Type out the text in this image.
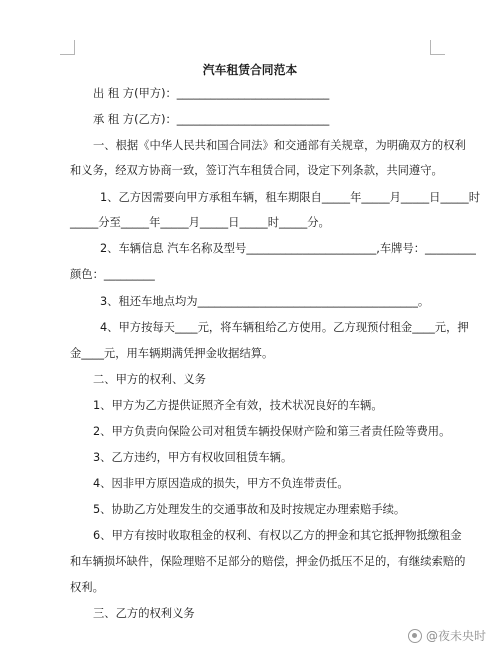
汽车租赁合同范本
出 租 方(甲方)：___________________________
承 租 方(乙方)：___________________________
一、根据《中华人民共和国合同法》和交通部有关规章，为明确双方的权利
和义务，经双方协商一致，签订汽车租赁合同，设定下列条款，共同遵守。
1、乙方因需要向甲方承租车辆，租车期限自_____年_____月_____日_____时
_____分至_____年_____月_____日_____时_____分。
2、车辆信息 汽车名称及型号_______________________,车牌号：_________
颜色：_________
3、租还车地点均为_______________________________________。
4、甲方按每天____元，将车辆租给乙方使用。乙方现预付租金____元，押
金____元，用车辆期满凭押金收据结算。
二、甲方的权利、义务
1、甲方为乙方提供证照齐全有效，技术状况良好的车辆。
2、甲方负责向保险公司对租赁车辆投保财产险和第三者责任险等费用。
3、乙方违约，甲方有权收回租赁车辆。
4、因非甲方原因造成的损失，甲方不负连带责任。
5、协助乙方处理发生的交通事故和及时按规定办理索赔手续。
6、甲方有按时收取租金的权利、有权以乙方的押金和其它抵押物抵缴租金
和车辆损坏缺件，保险理赔不足部分的赔偿，押金仍抵压不足的，有继续索赔的
权利。
三、乙方的权利义务
@夜未央时
